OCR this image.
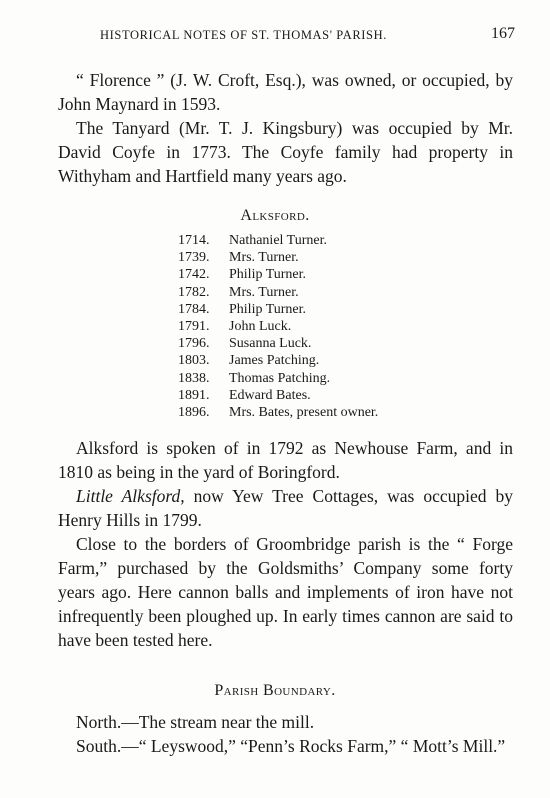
HISTORICAL NOTES OF ST. THOMAS' PARISH.	167
“ Florence ” (J. W. Croft, Esq.), was owned, or occupied, by John Maynard in 1593.
The Tanyard (Mr. T. J. Kingsbury) was occupied by Mr. David Coyfe in 1773. The Coyfe family had property in Withyham and Hartfield many years ago.
Alksford.
1714.	Nathaniel Turner.
1739.	Mrs. Turner.
1742.	Philip Turner.
1782.	Mrs. Turner.
1784.	Philip Turner.
1791.	John Luck.
1796.	Susanna Luck.
1803.	James Patching.
1838.	Thomas Patching.
1891.	Edward Bates.
1896.	Mrs. Bates, present owner.
Alksford is spoken of in 1792 as Newhouse Farm, and in 1810 as being in the yard of Boringford.
Little Alksford, now Yew Tree Cottages, was occupied by Henry Hills in 1799.
Close to the borders of Groombridge parish is the “ Forge Farm,” purchased by the Goldsmiths’ Company some forty years ago. Here cannon balls and implements of iron have not infrequently been ploughed up. In early times cannon are said to have been tested here.
Parish Boundary.
North.—The stream near the mill.
South.—“ Leyswood,” “Penn’s Rocks Farm,” “ Mott’s Mill.”
